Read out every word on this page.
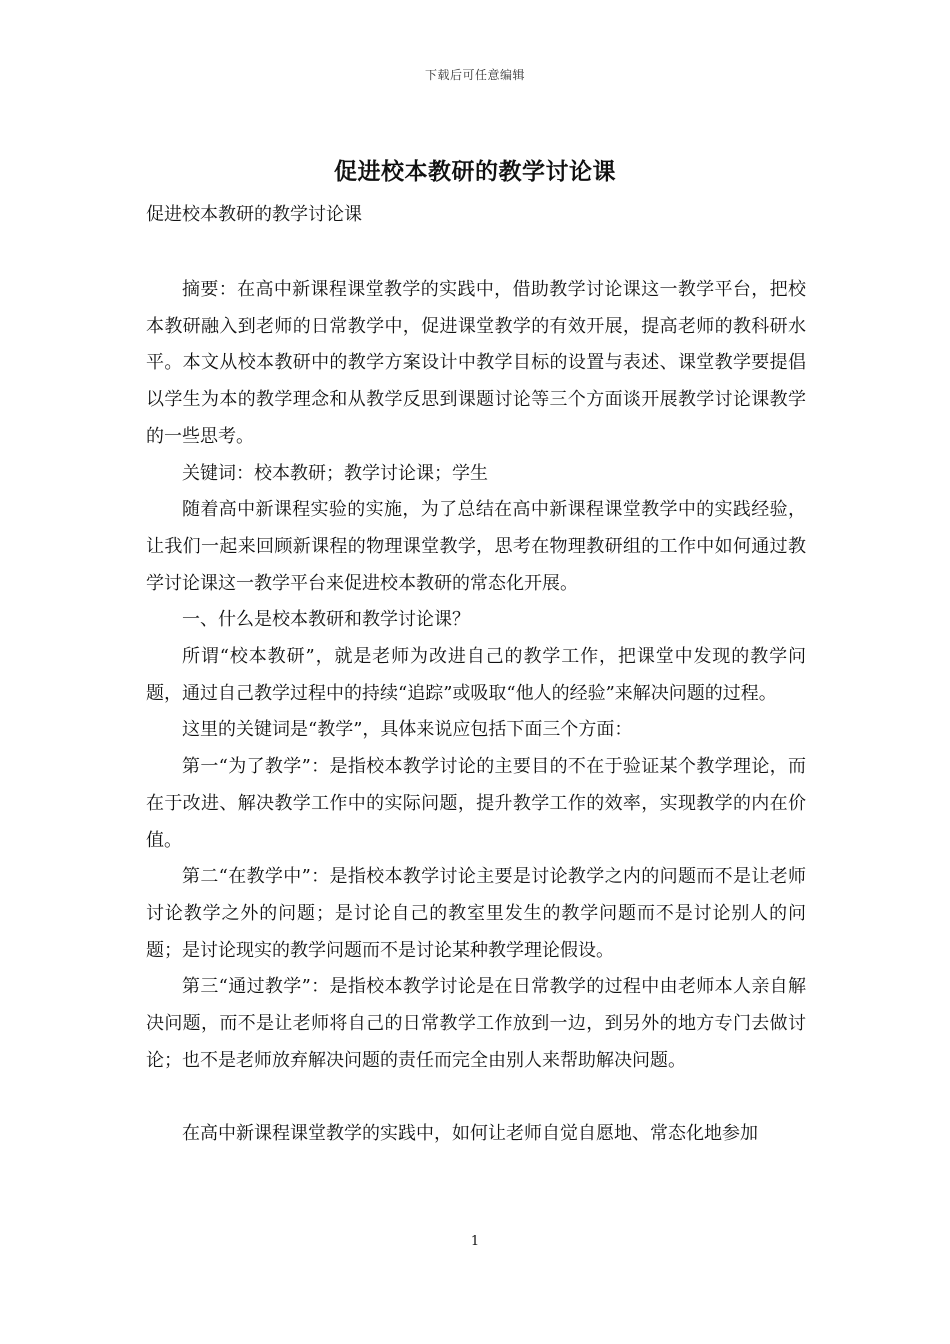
下载后可任意编辑
促进校本教研的教学讨论课
促进校本教研的教学讨论课

摘要：在高中新课程课堂教学的实践中，借助教学讨论课这一教学平台，把校本教研融入到老师的日常教学中，促进课堂教学的有效开展，提高老师的教科研水平。本文从校本教研中的教学方案设计中教学目标的设置与表述、课堂教学要提倡以学生为本的教学理念和从教学反思到课题讨论等三个方面谈开展教学讨论课教学的一些思考。

关键词：校本教研；教学讨论课；学生

随着高中新课程实验的实施，为了总结在高中新课程课堂教学中的实践经验，让我们一起来回顾新课程的物理课堂教学，思考在物理教研组的工作中如何通过教学讨论课这一教学平台来促进校本教研的常态化开展。

一、什么是校本教研和教学讨论课？

所谓“校本教研”，就是老师为改进自己的教学工作，把课堂中发现的教学问题，通过自己教学过程中的持续“追踪”或吸取“他人的经验”来解决问题的过程。

这里的关键词是“教学”，具体来说应包括下面三个方面：

第一“为了教学”：是指校本教学讨论的主要目的不在于验证某个教学理论，而在于改进、解决教学工作中的实际问题，提升教学工作的效率，实现教学的内在价值。

第二“在教学中”：是指校本教学讨论主要是讨论教学之内的问题而不是让老师讨论教学之外的问题；是讨论自己的教室里发生的教学问题而不是讨论别人的问题；是讨论现实的教学问题而不是讨论某种教学理论假设。

第三“通过教学”：是指校本教学讨论是在日常教学的过程中由老师本人亲自解决问题，而不是让老师将自己的日常教学工作放到一边，到另外的地方专门去做讨论；也不是老师放弃解决问题的责任而完全由别人来帮助解决问题。

在高中新课程课堂教学的实践中，如何让老师自觉自愿地、常态化地参加

1
